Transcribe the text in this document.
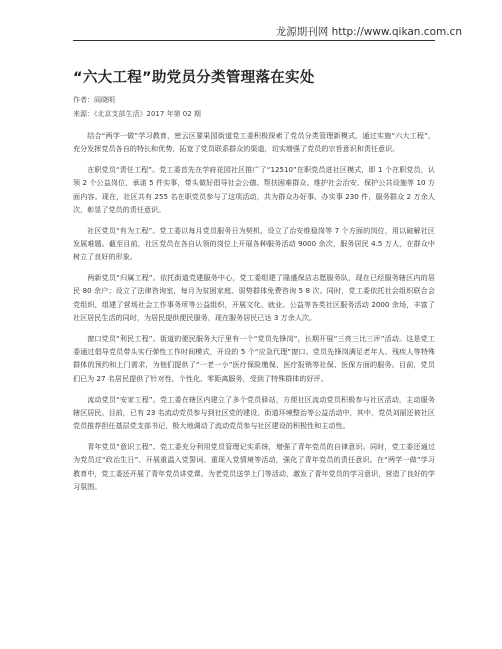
龙源期刊网 http://www.qikan.com.cn
“六大工程”助党员分类管理落在实处
作者：阎晓明
来源：《北京支部生活》2017 年第 02 期

结合“两学一做”学习教育，密云区要果园街道党工委积极探索了党员分类管理新模式，通过实施“六大工程”，充分发挥党员各自的特长和优势，拓宽了党员联系群众的渠道，切实增强了党员的宗旨意识和责任意识。

在职党员“责任工程”。党工委首先在学府花园社区推广了“12510”在职党员进社区模式，即 1 个在职党员，认领 2 个公益岗位，承诺 5 件实事，带头做好倡导社会公德、帮扶困难群众、维护社会治安、保护公共设施等 10 方面内容。现在，社区共有 255 名在职党员参与了这项活动，共为群众办好事、办实事 230 件，服务群众 2 万余人次，彰显了党员的责任意识。

社区党员“有为工程”。党工委以每月党员服务日为契机，设立了治安维稳岗等 7 个方面的岗位，用以破解社区发展难题。截至目前，社区党员在各自认领的岗位上开展各种服务活动 9000 余次，服务居民 4.5 万人，在群众中树立了良好的形象。

两新党员“归属工程”。依托街道党建服务中心，党工委组建了隆盛保洁志愿服务队，现在已经服务辖区内的居民 80 余户；设立了法律咨询室，每月为贫困家庭、弱势群体免费咨询 5 8 次。同时，党工委依托社会组织联合会党组织，组建了营场社会工作事务所等公益组织，开展文化、就业、公益等各类社区服务活动 2000 余场，丰富了社区居民生活的同时，为居民提供便民服务，现在服务居民已达 3 万余人次。

窗口党员“利民工程”。街道的便民服务大厅里有一个“党员先锋岗”，长期开展“三亮三比三评”活动。这是党工委通过倡导党员带头实行弹性工作时间模式，开设的 5 个“应急代理”窗口。党员先锋岗满足老年人、残疾人等特殊群体的预约和上门需求，为他们提供了“一老一小”医疗保险缴保、医疗报销等社保、医保方面的服务。目前，党员们已为 27 名居民提供了针对性、个性化、零距离服务，受到了特殊群体的好评。

流动党员“安家工程”。党工委在辖区内建立了多个党员驿站，方便社区流动党员积极参与社区活动，主动服务辖区居民。目前，已有 23 名流动党员参与到社区党的建设、街道环境整治等公益活动中，其中，党员刘丽还被社区党员推荐担任基层党支部书记，极大地调动了流动党员参与社区建设的积极性和主动性。

青年党员“意识工程”。党工委充分利用党员管理记实系统，增强了青年党员的自律意识。同时，党工委还通过为党员过“政治生日”、开展重温入党誓词、重现入党情境等活动，强化了青年党员的责任意识。在“两学一做”学习教育中，党工委还开展了青年党员讲党课、为老党员送学上门等活动，激发了青年党员的学习意识，营造了良好的学习氛围。
